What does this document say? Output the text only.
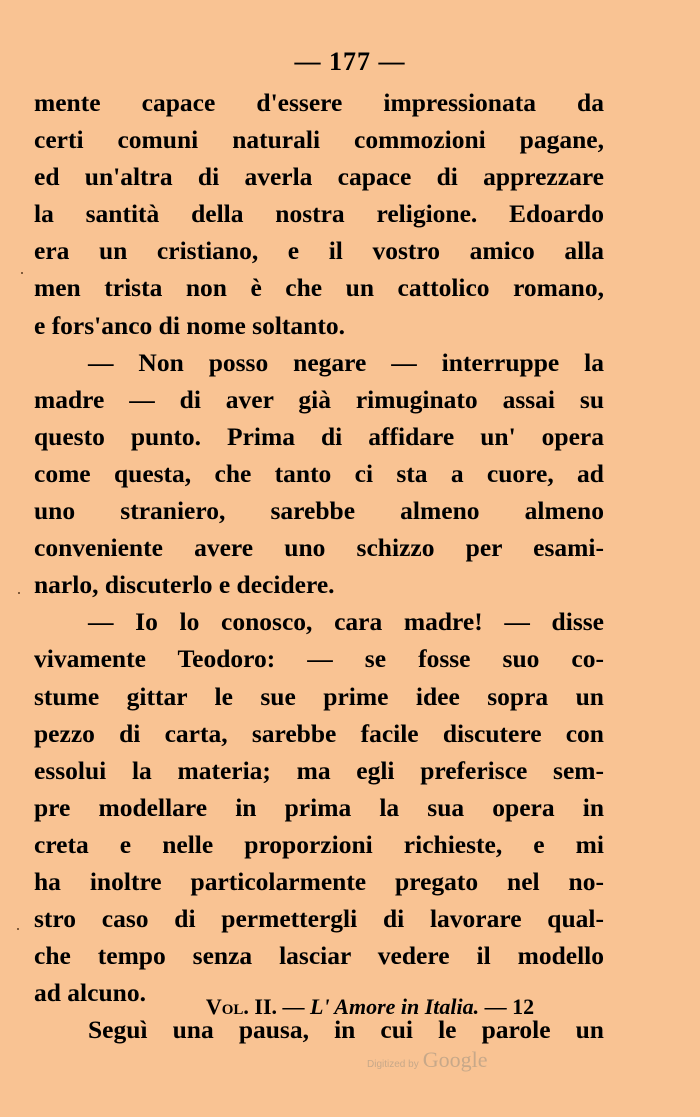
— 177 —
mente capace d'essere impressionata da
certi comuni naturali commozioni pagane,
ed un'altra di averla capace di apprezzare
la santità della nostra religione. Edoardo
era un cristiano, e il vostro amico alla
men trista non è che un cattolico romano,
e fors'anco di nome soltanto.
— Non posso negare — interruppe la
madre — di aver già rimuginato assai su
questo punto. Prima di affidare un' opera
come questa, che tanto ci sta a cuore, ad
uno straniero, sarebbe almeno almeno
conveniente avere uno schizzo per esami-
narlo, discuterlo e decidere.
— Io lo conosco, cara madre! — disse
vivamente Teodoro: — se fosse suo co-
stume gittar le sue prime idee sopra un
pezzo di carta, sarebbe facile discutere con
essolui la materia; ma egli preferisce sem-
pre modellare in prima la sua opera in
creta e nelle proporzioni richieste, e mi
ha inoltre particolarmente pregato nel no-
stro caso di permettergli di lavorare qual-
che tempo senza lasciar vedere il modello
ad alcuno.
Seguì una pausa, in cui le parole un
Vol. II. — L' Amore in Italia. — 12
Digitized by Google
